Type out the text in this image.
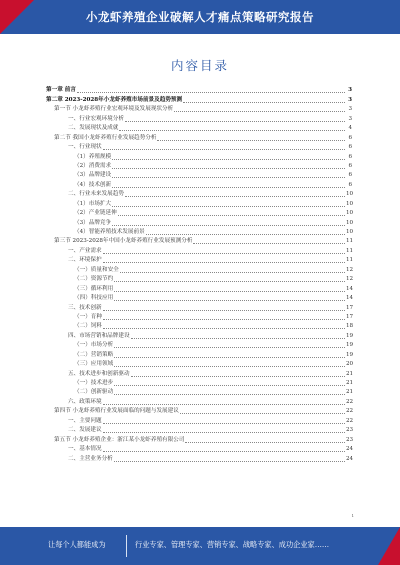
小龙虾养殖企业破解人才痛点策略研究报告
内容目录
第一章 前言	3
第二章 2023-2028年小龙虾养殖市场前景及趋势预测	3
第一节 小龙虾养殖行业宏观环境及发展现状分析	3
一、行业宏观环境分析	3
二、发展现状及成就	4
第二节 我国小龙虾养殖行业发展趋势分析	6
一、行业现状	6
（1）养殖规模	6
（2）消费需求	6
（3）品牌建设	6
（4）技术创新	6
二、行业未来发展趋势	10
（1）市场扩大	10
（2）产业链延伸	10
（3）品牌竞争	10
（4）智能养殖技术发展前景	10
第三节 2023-2028年中国小龙虾养殖行业发展预测分析	11
一、产业需求	11
二、环境保护	11
（一）质量和安全	12
（二）资源节约	12
（三）循环利用	14
（四）科技应用	14
三、技术创新	17
（一）育种	17
（二）饲料	18
四、市场营销和品牌建设	19
（一）市场分析	19
（二）营销策略	19
（三）应用领域	20
五、技术进步和创新驱动	21
（一）技术进步	21
（二）创新驱动	21
六、政策环境	22
第四节 小龙虾养殖行业发展面临的问题与发展建议	22
一、主要问题	22
二、发展建议	23
第五节 小龙虾养殖企业：浙江某小龙虾养殖有限公司	23
一、基本情况	24
二、主营业务分析	24
1
让每个人都能成为	行业专家、管理专家、营销专家、战略专家、成功企业家……
